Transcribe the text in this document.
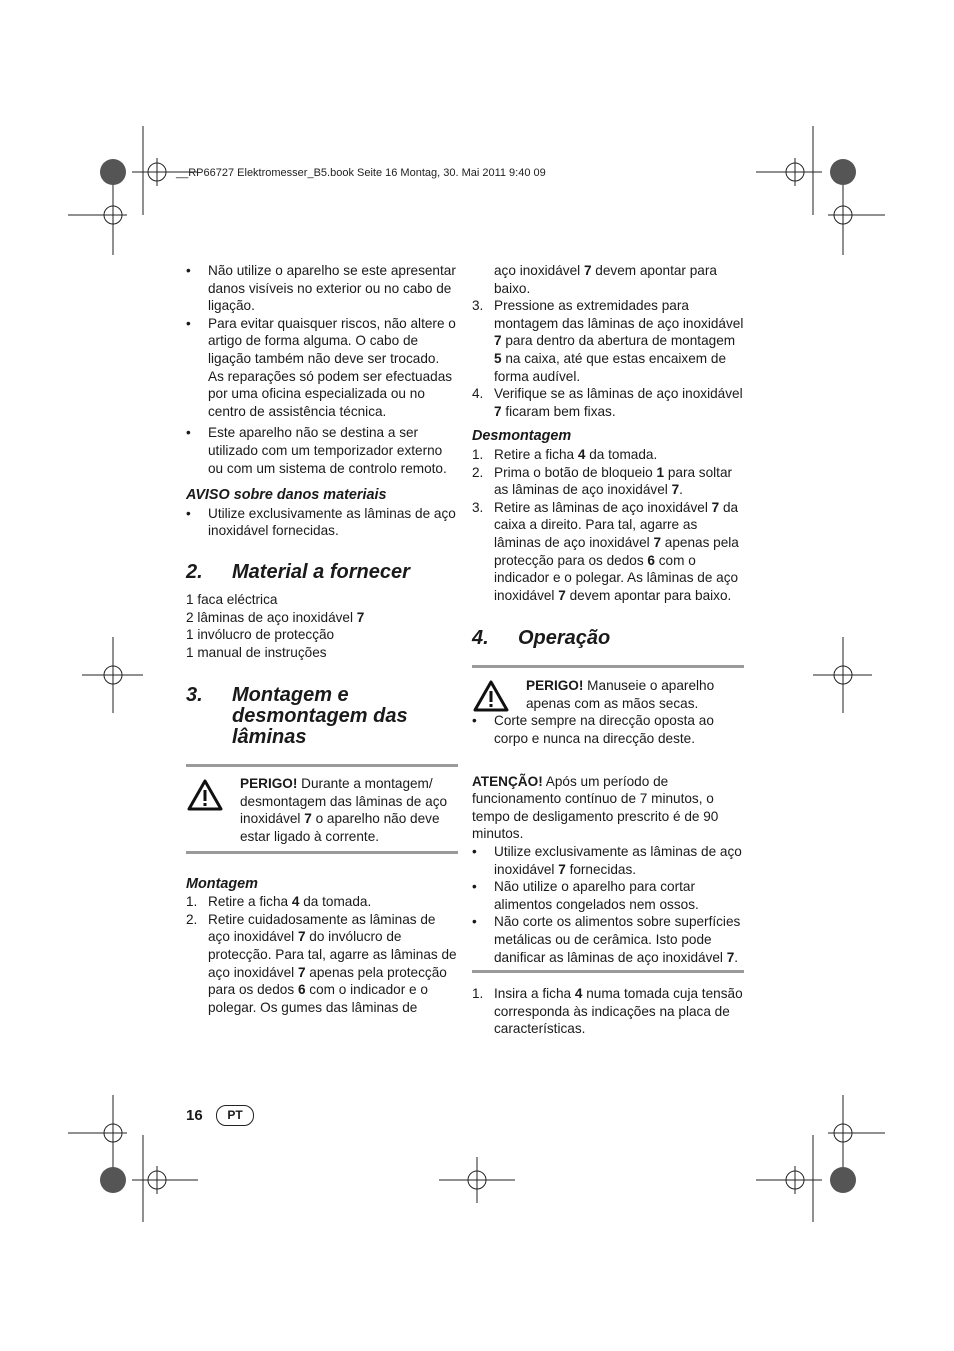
__RP66727 Elektromesser_B5.book Seite 16 Montag, 30. Mai 2011 9:40 09

• Não utilize o aparelho se este apresentar danos visíveis no exterior ou no cabo de ligação.

• Para evitar quaisquer riscos, não altere o artigo de forma alguma. O cabo de ligação também não deve ser trocado. As reparações só podem ser efectuadas por uma oficina especializada ou no centro de assistência técnica.

• Este aparelho não se destina a ser utilizado com um temporizador externo ou com um sistema de controlo remoto.

AVISO sobre danos materiais

• Utilize exclusivamente as lâminas de aço inoxidável fornecidas.

2. Material a fornecer

1 faca eléctrica

2 lâminas de aço inoxidável 7

1 invólucro de protecção

1 manual de instruções

3. Montagem e desmontagem das lâminas

PERIGO! Durante a montagem/ desmontagem das lâminas de aço inoxidável 7 o aparelho não deve estar ligado à corrente.

Montagem

1. Retire a ficha 4 da tomada.

2. Retire cuidadosamente as lâminas de aço inoxidável 7 do invólucro de protecção. Para tal, agarre as lâminas de aço inoxidável 7 apenas pela protecção para os dedos 6 com o indicador e o polegar. Os gumes das lâminas de

aço inoxidável 7 devem apontar para baixo.

3. Pressione as extremidades para montagem das lâminas de aço inoxidável 7 para dentro da abertura de montagem 5 na caixa, até que estas encaixem de forma audível.

4. Verifique se as lâminas de aço inoxidável 7 ficaram bem fixas.

Desmontagem

1. Retire a ficha 4 da tomada.

2. Prima o botão de bloqueio 1 para soltar as lâminas de aço inoxidável 7.

3. Retire as lâminas de aço inoxidável 7 da caixa a direito. Para tal, agarre as lâminas de aço inoxidável 7 apenas pela protecção para os dedos 6 com o indicador e o polegar. As lâminas de aço inoxidável 7 devem apontar para baixo.

4. Operação

PERIGO! Manuseie o aparelho apenas com as mãos secas.

• Corte sempre na direcção oposta ao corpo e nunca na direcção deste.

ATENÇÃO! Após um período de funcionamento contínuo de 7 minutos, o tempo de desligamento prescrito é de 90 minutos.

• Utilize exclusivamente as lâminas de aço inoxidável 7 fornecidas.

• Não utilize o aparelho para cortar alimentos congelados nem ossos.

• Não corte os alimentos sobre superfícies metálicas ou de cerâmica. Isto pode danificar as lâminas de aço inoxidável 7.

1. Insira a ficha 4 numa tomada cuja tensão corresponda às indicações na placa de características.

16	PT
